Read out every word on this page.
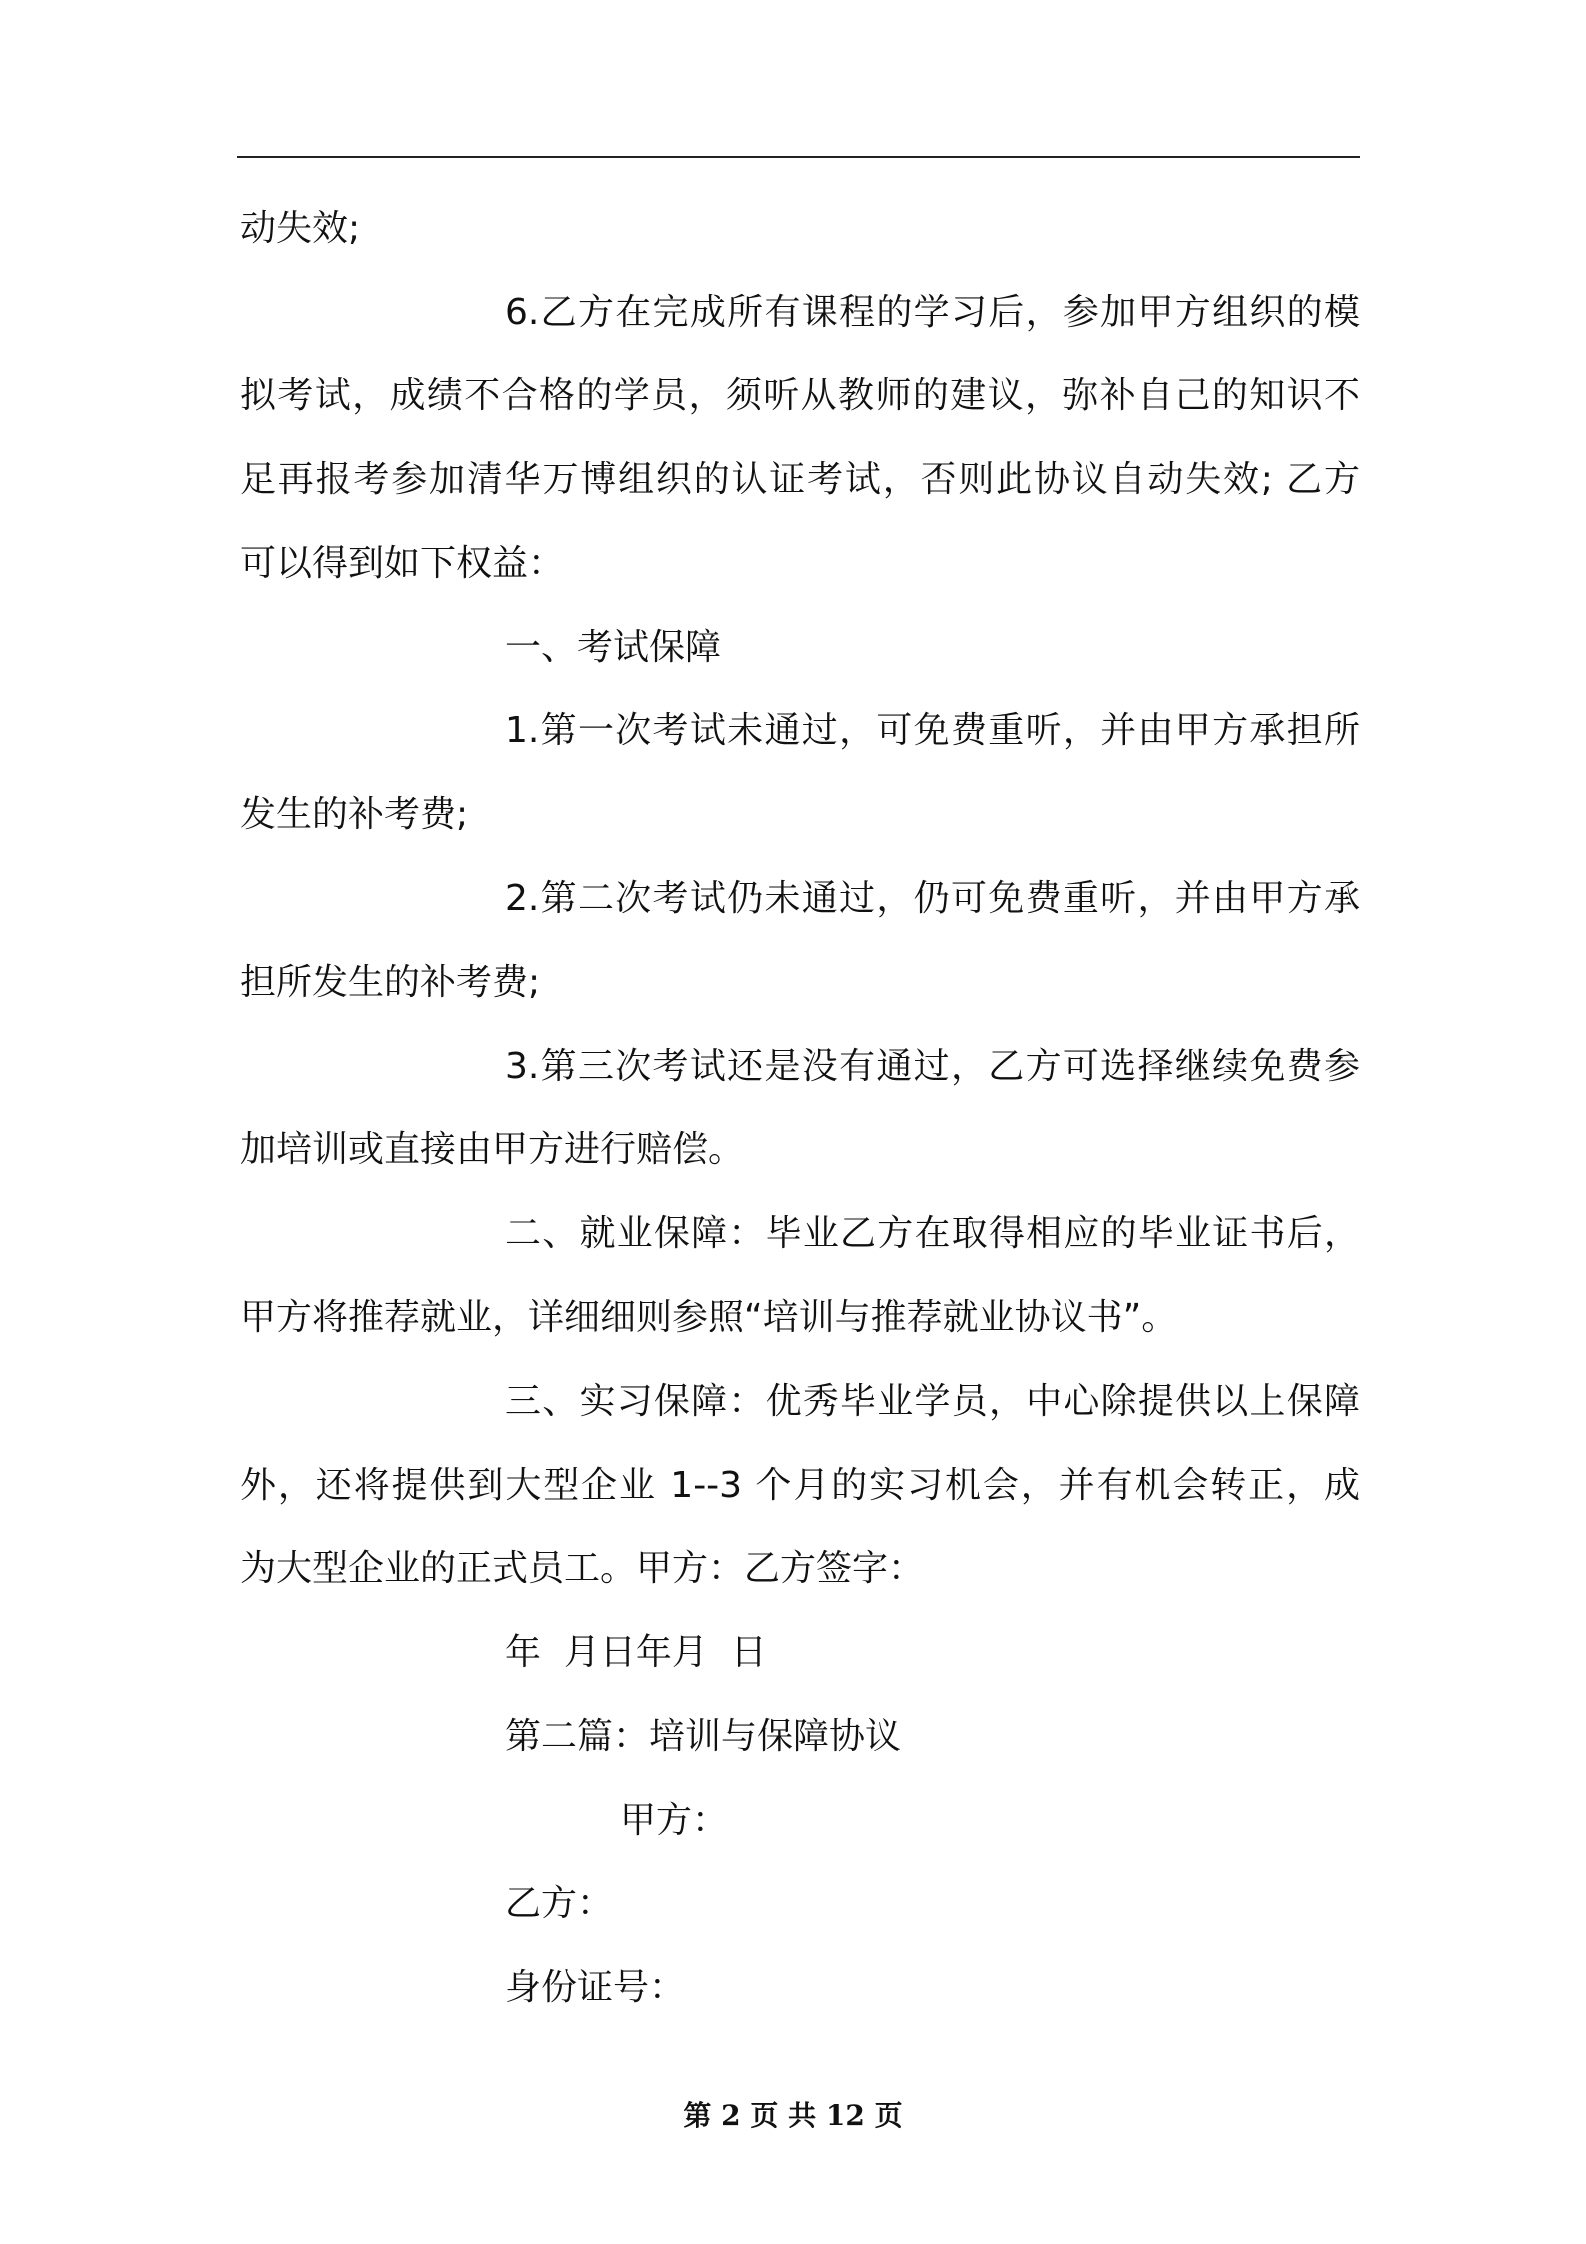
动失效;
6.乙方在完成所有课程的学习后，参加甲方组织的模
拟考试，成绩不合格的学员，须听从教师的建议，弥补自己的知识不
足再报考参加清华万博组织的认证考试，否则此协议自动失效; 乙方
可以得到如下权益：
一、考试保障
1.第一次考试未通过，可免费重听，并由甲方承担所
发生的补考费;
2.第二次考试仍未通过，仍可免费重听，并由甲方承
担所发生的补考费;
3.第三次考试还是没有通过，乙方可选择继续免费参
加培训或直接由甲方进行赔偿。
二、就业保障：毕业乙方在取得相应的毕业证书后，
甲方将推荐就业，详细细则参照“培训与推荐就业协议书”。
三、实习保障：优秀毕业学员，中心除提供以上保障
外，还将提供到大型企业 1--3 个月的实习机会，并有机会转正，成
为大型企业的正式员工。甲方：乙方签字：
年  月日年月  日
第二篇：培训与保障协议
甲方：
乙方：
身份证号：
第 2 页 共 12 页
